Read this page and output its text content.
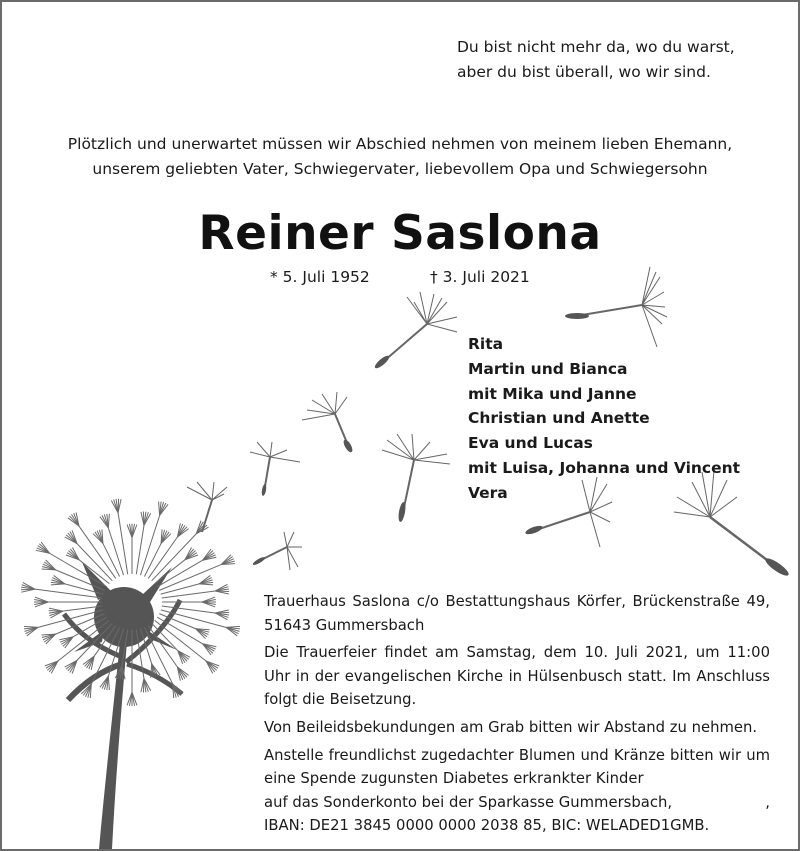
Du bist nicht mehr da, wo du warst,
aber du bist überall, wo wir sind.
Plötzlich und unerwartet müssen wir Abschied nehmen von meinem lieben Ehemann,
unserem geliebten Vater, Schwiegervater, liebevollem Opa und Schwiegersohn
Reiner Saslona
* 5. Juli 1952	† 3. Juli 2021
Rita
Martin und Bianca
mit Mika und Janne
Christian und Anette
Eva und Lucas
mit Luisa, Johanna und Vincent
Vera

Trauerhaus Saslona c/o Bestattungshaus Körfer, Brückenstraße 49, 51643 Gummersbach

Die Trauerfeier findet am Samstag, dem 10. Juli 2021, um 11:00 Uhr in der evangelischen Kirche in Hülsenbusch statt. Im Anschluss folgt die Beisetzung.

Von Beileidsbekundungen am Grab bitten wir Abstand zu nehmen.

Anstelle freundlichst zugedachter Blumen und Kränze bitten wir um eine Spende zugunsten Diabetes erkrankter Kinder

auf das Sonderkonto bei der Sparkasse Gummersbach,	,
IBAN: DE21 3845 0000 0000 2038 85, BIC: WELADED1GMB.
